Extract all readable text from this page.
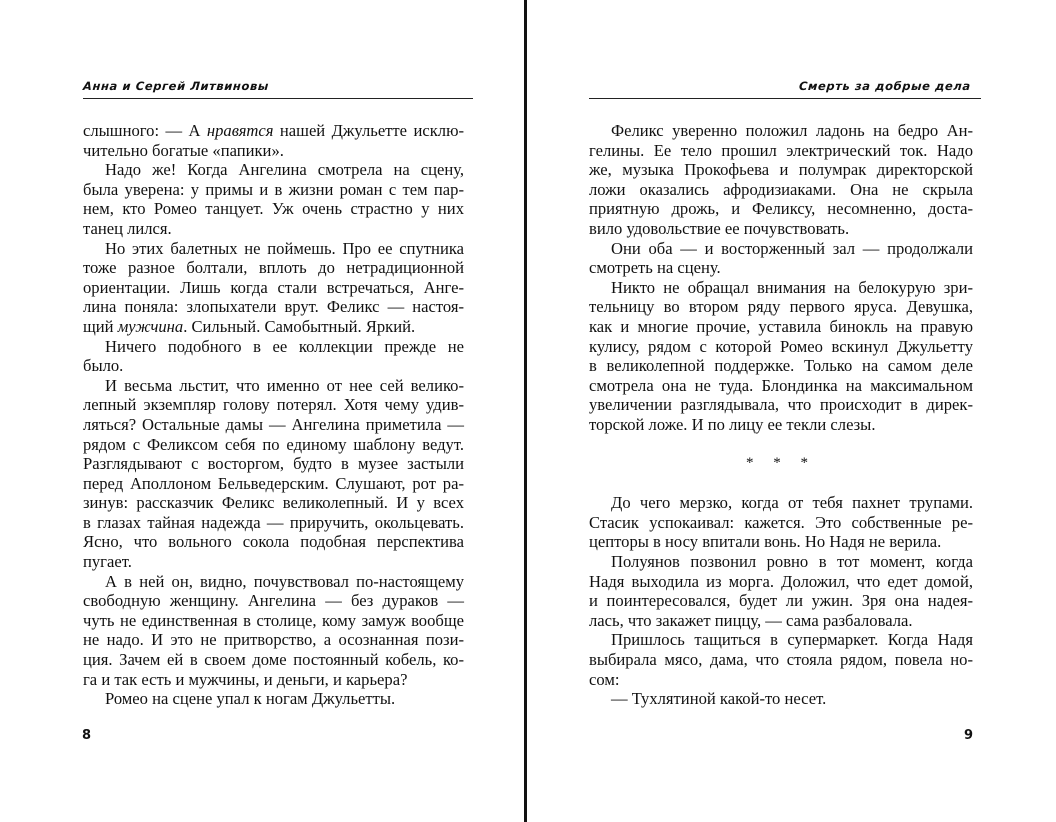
Анна и Сергей Литвиновы
слышного: — А нравятся нашей Джульетте исклю-
чительно богатые «папики».
Надо же! Когда Ангелина смотрела на сцену,
была уверена: у примы и в жизни роман с тем пар-
нем, кто Ромео танцует. Уж очень страстно у них
танец лился.
Но этих балетных не поймешь. Про ее спутника
тоже разное болтали, вплоть до нетрадиционной
ориентации. Лишь когда стали встречаться, Анге-
лина поняла: злопыхатели врут. Феликс — настоя-
щий мужчина. Сильный. Самобытный. Яркий.
Ничего подобного в ее коллекции прежде не
было.
И весьма льстит, что именно от нее сей велико-
лепный экземпляр голову потерял. Хотя чему удив-
ляться? Остальные дамы — Ангелина приметила —
рядом с Феликсом себя по единому шаблону ведут.
Разглядывают с восторгом, будто в музее застыли
перед Аполлоном Бельведерским. Слушают, рот ра-
зинув: рассказчик Феликс великолепный. И у всех
в глазах тайная надежда — приручить, окольцевать.
Ясно, что вольного сокола подобная перспектива
пугает.
А в ней он, видно, почувствовал по-настоящему
свободную женщину. Ангелина — без дураков —
чуть не единственная в столице, кому замуж вообще
не надо. И это не притворство, а осознанная пози-
ция. Зачем ей в своем доме постоянный кобель, ко-
га и так есть и мужчины, и деньги, и карьера?
Ромео на сцене упал к ногам Джульетты.
8
Смерть за добрые дела
Феликс уверенно положил ладонь на бедро Ан-
гелины. Ее тело прошил электрический ток. Надо
же, музыка Прокофьева и полумрак директорской
ложи оказались афродизиаками. Она не скрыла
приятную дрожь, и Феликсу, несомненно, доста-
вило удовольствие ее почувствовать.
Они оба — и восторженный зал — продолжали
смотреть на сцену.
Никто не обращал внимания на белокурую зри-
тельницу во втором ряду первого яруса. Девушка,
как и многие прочие, уставила бинокль на правую
кулису, рядом с которой Ромео вскинул Джульетту
в великолепной поддержке. Только на самом деле
смотрела она не туда. Блондинка на максимальном
увеличении разглядывала, что происходит в дирек-
торской ложе. И по лицу ее текли слезы.
* * *
До чего мерзко, когда от тебя пахнет трупами.
Стасик успокаивал: кажется. Это собственные ре-
цепторы в носу впитали вонь. Но Надя не верила.
Полуянов позвонил ровно в тот момент, когда
Надя выходила из морга. Доложил, что едет домой,
и поинтересовался, будет ли ужин. Зря она надея-
лась, что закажет пиццу, — сама разбаловала.
Пришлось тащиться в супермаркет. Когда Надя
выбирала мясо, дама, что стояла рядом, повела но-
сом:
— Тухлятиной какой-то несет.
9
